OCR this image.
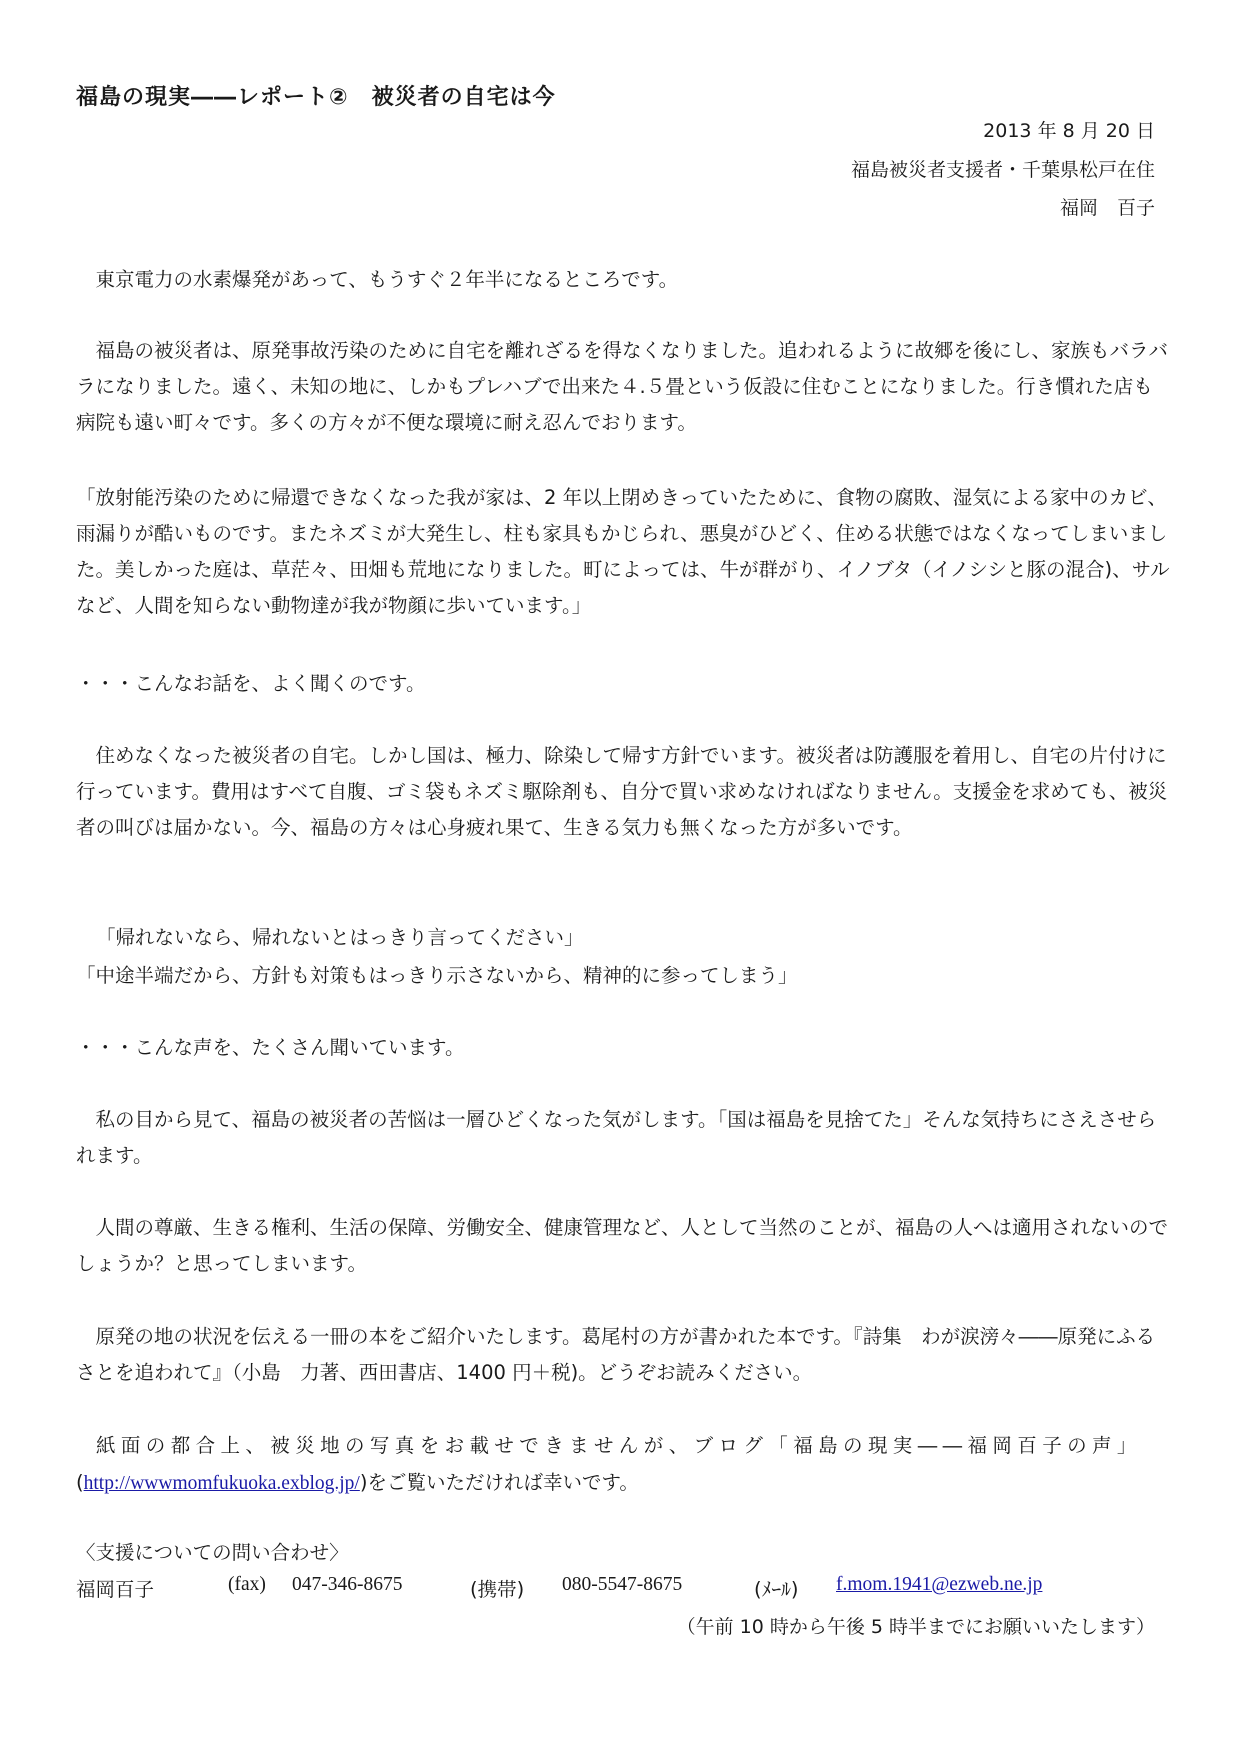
福島の現実――レポート②　被災者の自宅は今
2013 年 8 月 20 日
福島被災者支援者・千葉県松戸在住
福岡　百子

東京電力の水素爆発があって、もうすぐ２年半になるところです。

福島の被災者は、原発事故汚染のために自宅を離れざるを得なくなりました。追われるように故郷を後にし、家族もバラバラになりました。遠く、未知の地に、しかもプレハブで出来た４.５畳という仮設に住むことになりました。行き慣れた店も病院も遠い町々です。多くの方々が不便な環境に耐え忍んでおります。

「放射能汚染のために帰還できなくなった我が家は、2 年以上閉めきっていたために、食物の腐敗、湿気による家中のカビ、雨漏りが酷いものです。またネズミが大発生し、柱も家具もかじられ、悪臭がひどく、住める状態ではなくなってしまいました。美しかった庭は、草茫々、田畑も荒地になりました。町によっては、牛が群がり、イノブタ（イノシシと豚の混合)、サルなど、人間を知らない動物達が我が物顔に歩いています。」

・・・こんなお話を、よく聞くのです。

住めなくなった被災者の自宅。しかし国は、極力、除染して帰す方針でいます。被災者は防護服を着用し、自宅の片付けに行っています。費用はすべて自腹、ゴミ袋もネズミ駆除剤も、自分で買い求めなければなりません。支援金を求めても、被災者の叫びは届かない。今、福島の方々は心身疲れ果て、生きる気力も無くなった方が多いです。

「帰れないなら、帰れないとはっきり言ってください」
「中途半端だから、方針も対策もはっきり示さないから、精神的に参ってしまう」

・・・こんな声を、たくさん聞いています。

私の目から見て、福島の被災者の苦悩は一層ひどくなった気がします。「国は福島を見捨てた」そんな気持ちにさえさせられます。

人間の尊厳、生きる権利、生活の保障、労働安全、健康管理など、人として当然のことが、福島の人へは適用されないのでしょうか？と思ってしまいます。

原発の地の状況を伝える一冊の本をご紹介いたします。葛尾村の方が書かれた本です。『詩集　わが涙滂々――原発にふるさとを追われて』（小島　力著、西田書店、1400 円＋税)。どうぞお読みください。

紙面の都合上、被災地の写真をお載せできませんが、ブログ「福島の現実――福岡百子の声」
(http://wwwmomfukuoka.exblog.jp/)をご覧いただければ幸いです。
〈支援についての問い合わせ〉
福岡百子	(fax) 047‐346‐8675	(携帯) 080‐5547‐8675	(ﾒｰﾙ) f.mom.1941@ezweb.ne.jp
（午前 10 時から午後 5 時半までにお願いいたします）
